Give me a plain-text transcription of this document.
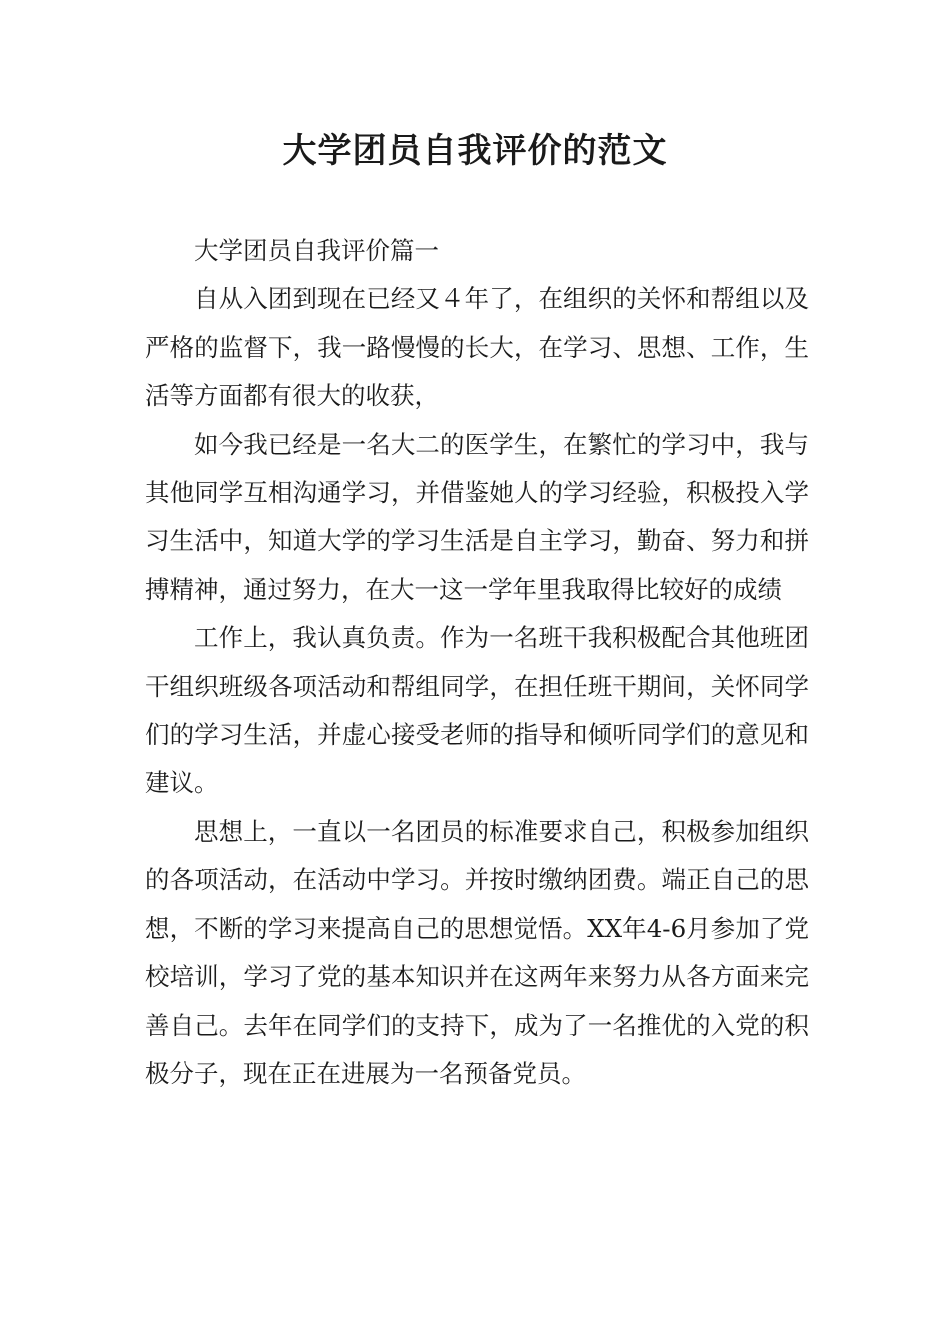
大学团员自我评价的范文

大学团员自我评价篇一

自从入团到现在已经又４年了，在组织的关怀和帮组以及严格的监督下，我一路慢慢的长大，在学习、思想、工作，生活等方面都有很大的收获，

如今我已经是一名大二的医学生，在繁忙的学习中，我与其他同学互相沟通学习，并借鉴她人的学习经验，积极投入学习生活中，知道大学的学习生活是自主学习，勤奋、努力和拼搏精神，通过努力，在大一这一学年里我取得比较好的成绩

工作上，我认真负责。作为一名班干我积极配合其他班团干组织班级各项活动和帮组同学，在担任班干期间，关怀同学们的学习生活，并虚心接受老师的指导和倾听同学们的意见和建议。

思想上，一直以一名团员的标准要求自己，积极参加组织的各项活动，在活动中学习。并按时缴纳团费。端正自己的思想，不断的学习来提高自己的思想觉悟。XX年4-6月参加了党校培训，学习了党的基本知识并在这两年来努力从各方面来完善自己。去年在同学们的支持下，成为了一名推优的入党的积极分子，现在正在进展为一名预备党员。
